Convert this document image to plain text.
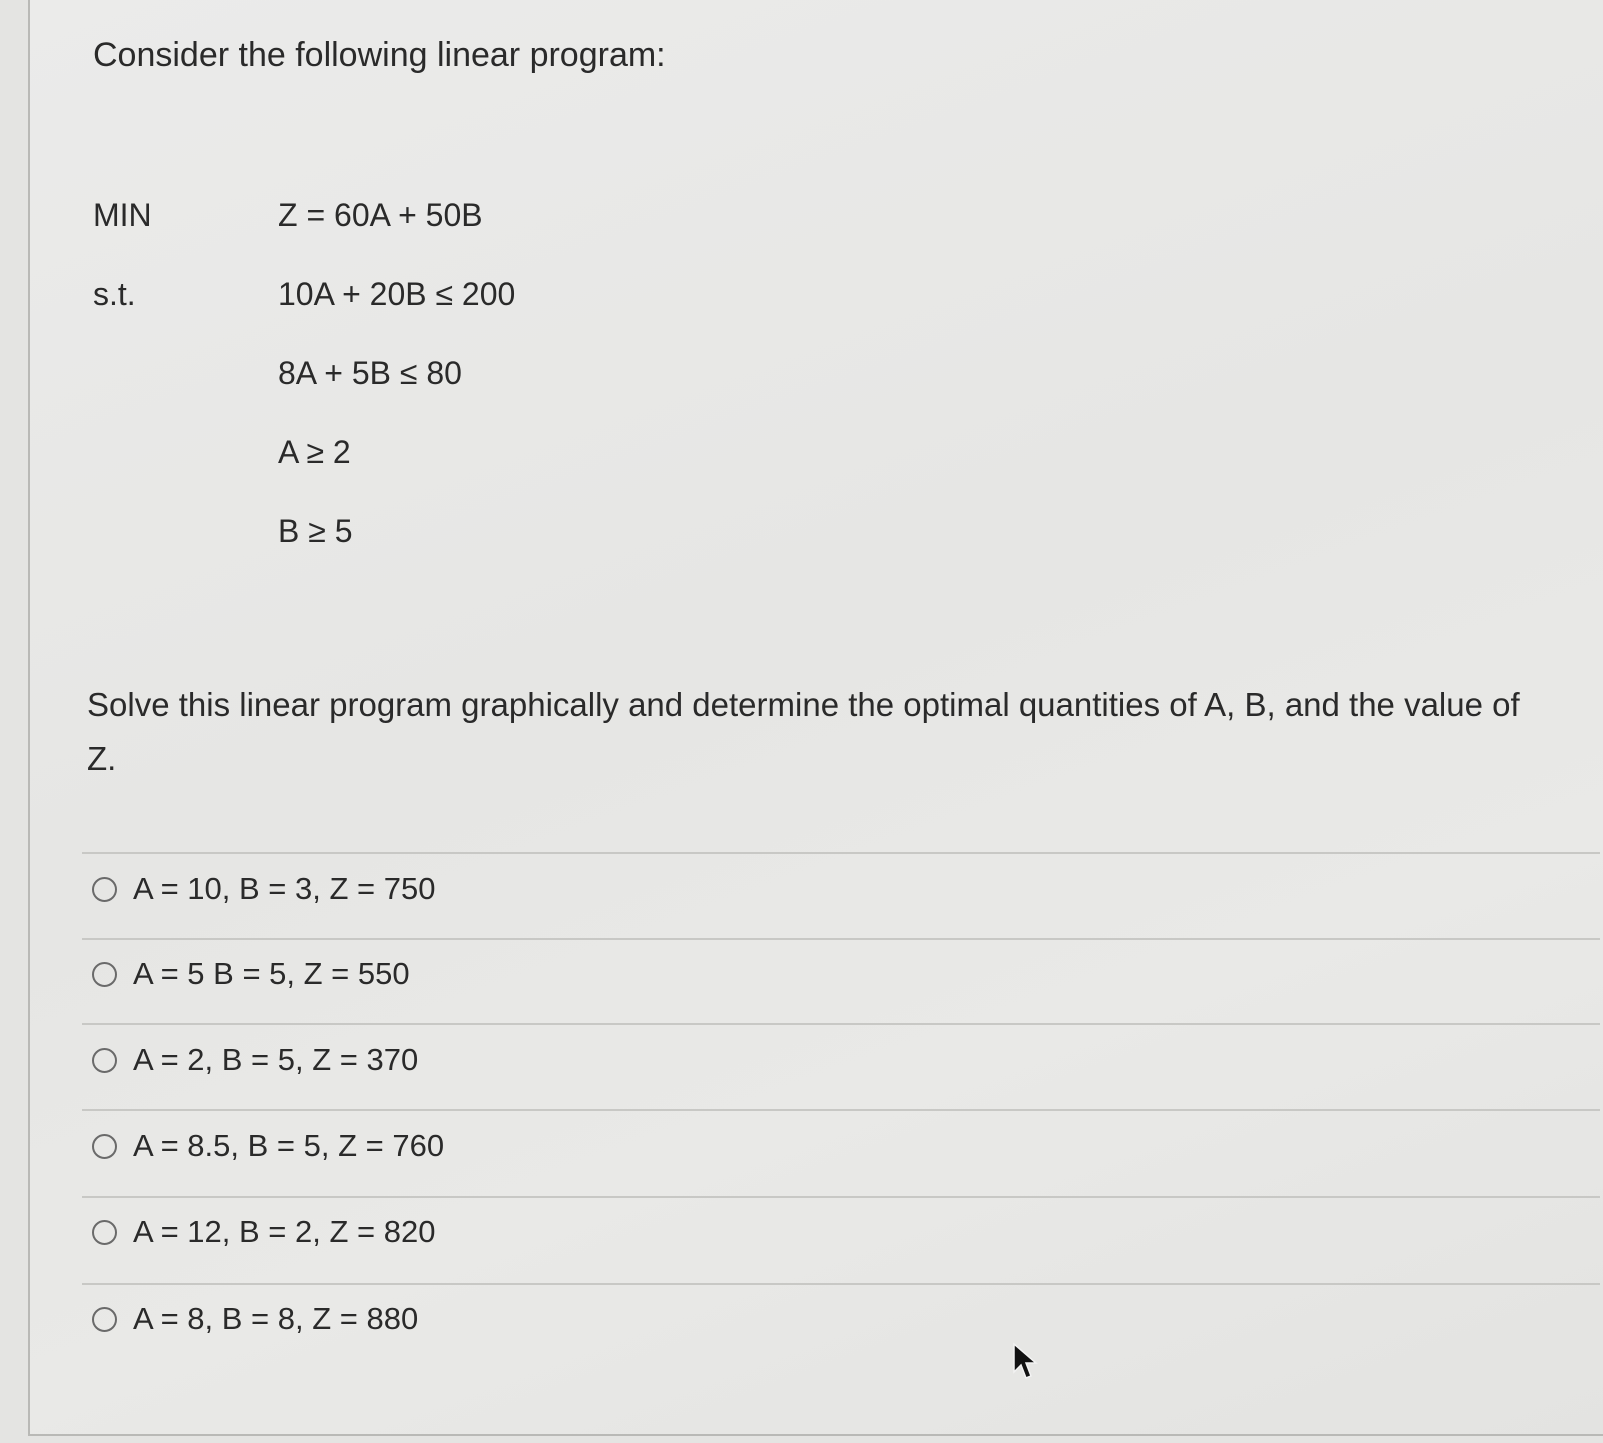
Consider the following linear program:
MIN	Z = 60A + 50B
s.t.	10A + 20B ≤ 200
8A + 5B ≤ 80
A ≥ 2
B ≥ 5

Solve this linear program graphically and determine the optimal quantities of A, B, and the value of Z.

A = 10, B = 3, Z = 750
A = 5 B = 5, Z = 550
A = 2, B = 5, Z = 370
A = 8.5, B = 5, Z = 760
A = 12, B = 2, Z = 820
A = 8, B = 8, Z = 880
